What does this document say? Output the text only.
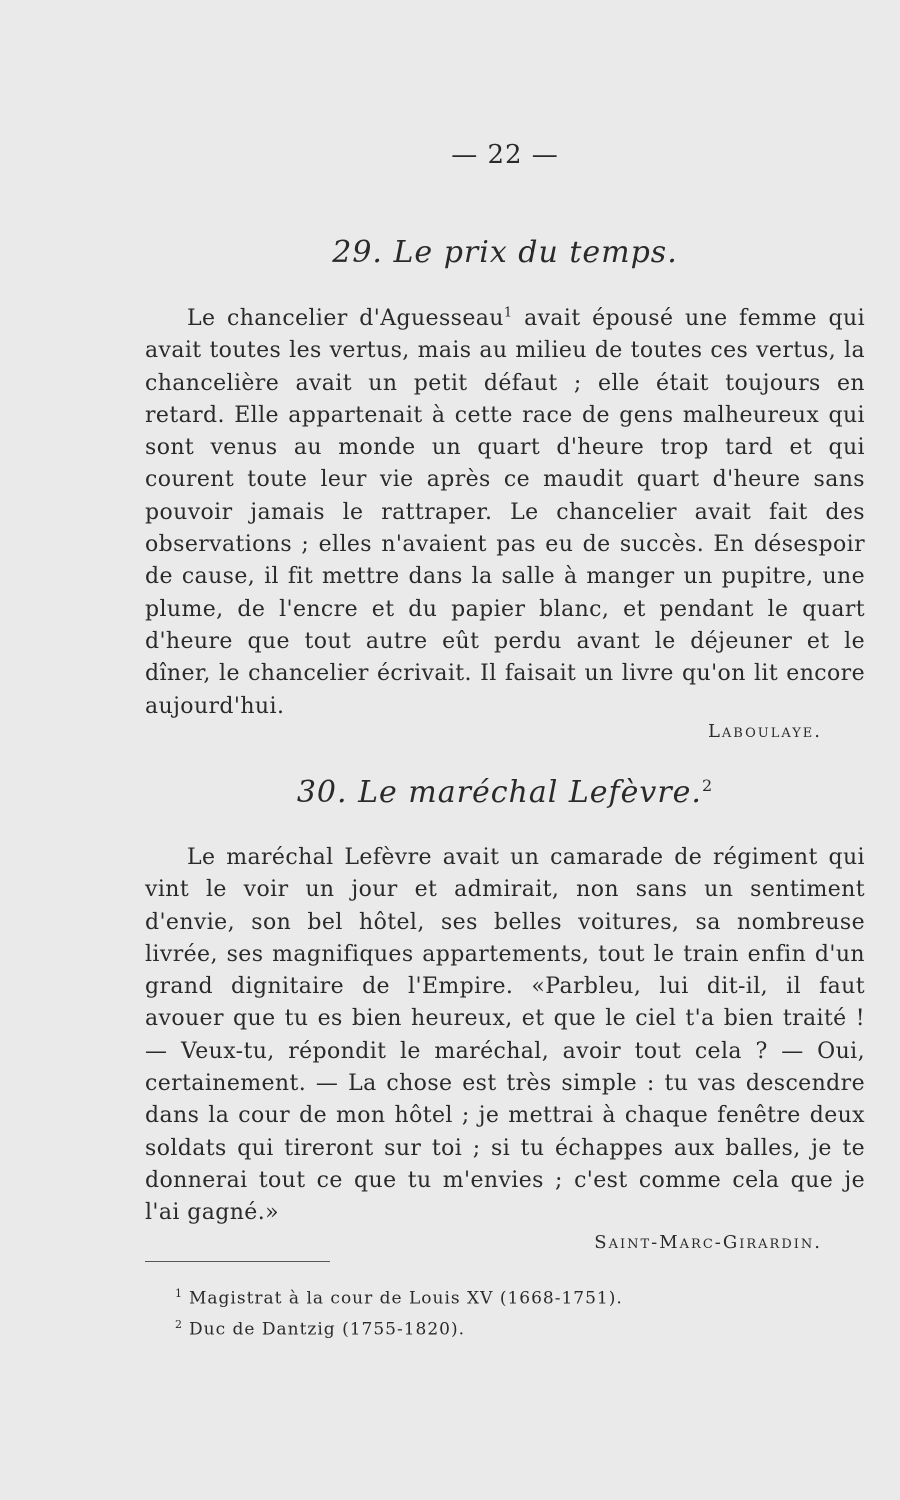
— 22 —
29. Le prix du temps.

Le chancelier d'Aguesseau$^1$ avait épousé une femme qui avait toutes les vertus, mais au milieu de toutes ces vertus, la chancelière avait un petit défaut ; elle était toujours en retard. Elle appartenait à cette race de gens malheureux qui sont venus au monde un quart d'heure trop tard et qui courent toute leur vie après ce maudit quart d'heure sans pouvoir jamais le rattraper. Le chancelier avait fait des observations ; elles n'avaient pas eu de succès. En désespoir de cause, il fit mettre dans la salle à manger un pupitre, une plume, de l'encre et du papier blanc, et pendant le quart d'heure que tout autre eût perdu avant le déjeuner et le dîner, le chancelier écrivait. Il faisait un livre qu'on lit encore aujourd'hui.

Laboulaye.
30. Le maréchal Lefèvre.$^2$

Le maréchal Lefèvre avait un camarade de régiment qui vint le voir un jour et admirait, non sans un sentiment d'envie, son bel hôtel, ses belles voitures, sa nombreuse livrée, ses magnifiques appartements, tout le train enfin d'un grand dignitaire de l'Empire. «Parbleu, lui dit-il, il faut avouer que tu es bien heureux, et que le ciel t'a bien traité ! — Veux-tu, répondit le maréchal, avoir tout cela ? — Oui, certainement. — La chose est très simple : tu vas descendre dans la cour de mon hôtel ; je mettrai à chaque fenêtre deux soldats qui tireront sur toi ; si tu échappes aux balles, je te donnerai tout ce que tu m'envies ; c'est comme cela que je l'ai gagné.»

Saint-Marc-Girardin.
$^1$ Magistrat à la cour de Louis XV (1668-1751).
$^2$ Duc de Dantzig (1755-1820).
